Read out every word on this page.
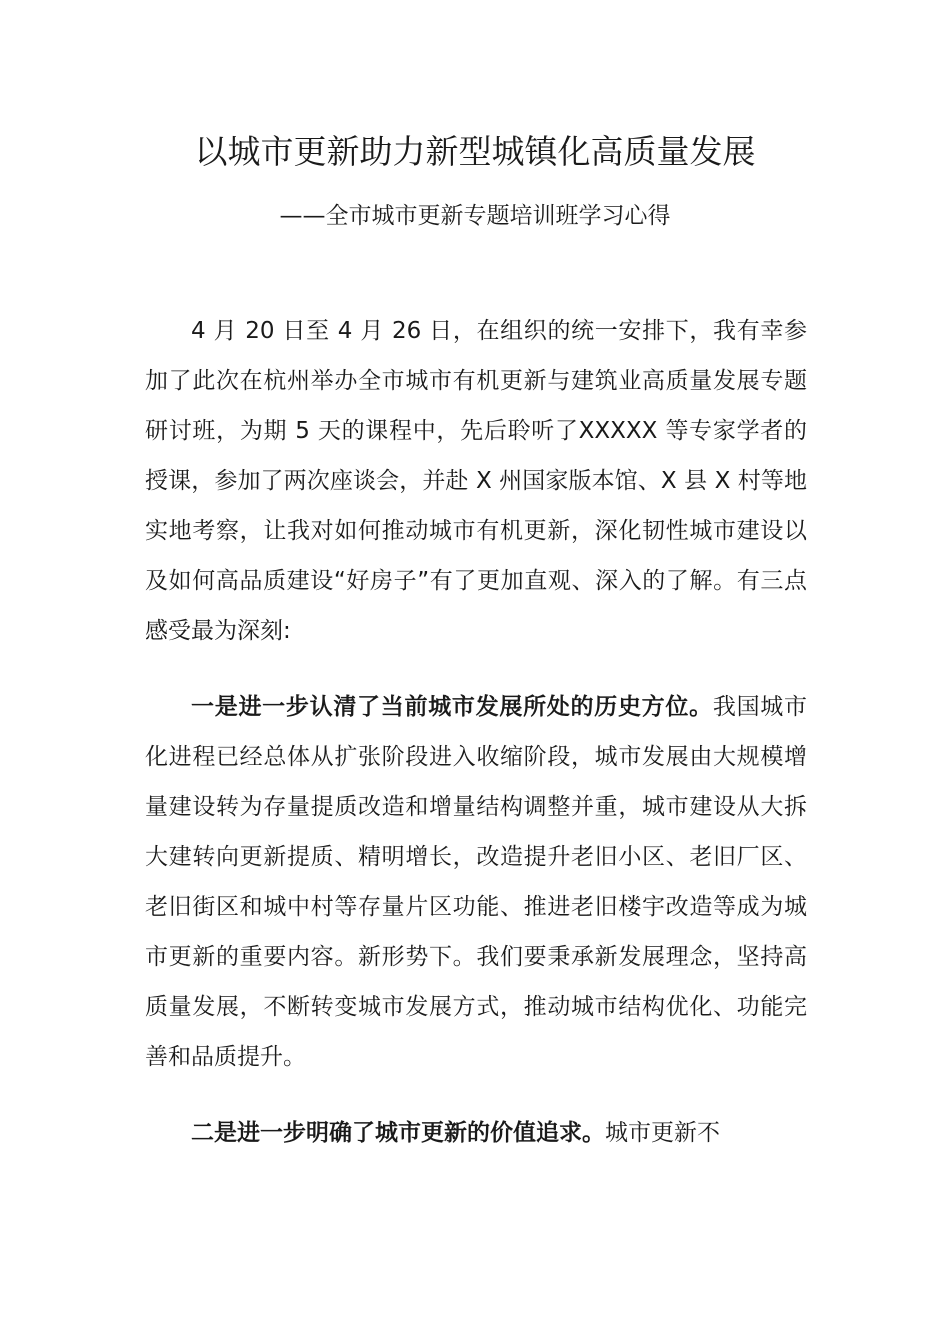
以城市更新助力新型城镇化高质量发展
——全市城市更新专题培训班学习心得

4 月 20 日至 4 月 26 日，在组织的统一安排下，我有幸参加了此次在杭州举办全市城市有机更新与建筑业高质量发展专题研讨班，为期 5 天的课程中，先后聆听了XXXXX 等专家学者的授课，参加了两次座谈会，并赴 X 州国家版本馆、X 县 X 村等地实地考察，让我对如何推动城市有机更新，深化韧性城市建设以及如何高品质建设“好房子”有了更加直观、深入的了解。有三点感受最为深刻:

一是进一步认清了当前城市发展所处的历史方位。我国城市化进程已经总体从扩张阶段进入收缩阶段，城市发展由大规模增量建设转为存量提质改造和增量结构调整并重，城市建设从大拆大建转向更新提质、精明增长，改造提升老旧小区、老旧厂区、老旧街区和城中村等存量片区功能、推进老旧楼宇改造等成为城市更新的重要内容。新形势下。我们要秉承新发展理念，坚持高质量发展，不断转变城市发展方式，推动城市结构优化、功能完善和品质提升。

二是进一步明确了城市更新的价值追求。城市更新不
